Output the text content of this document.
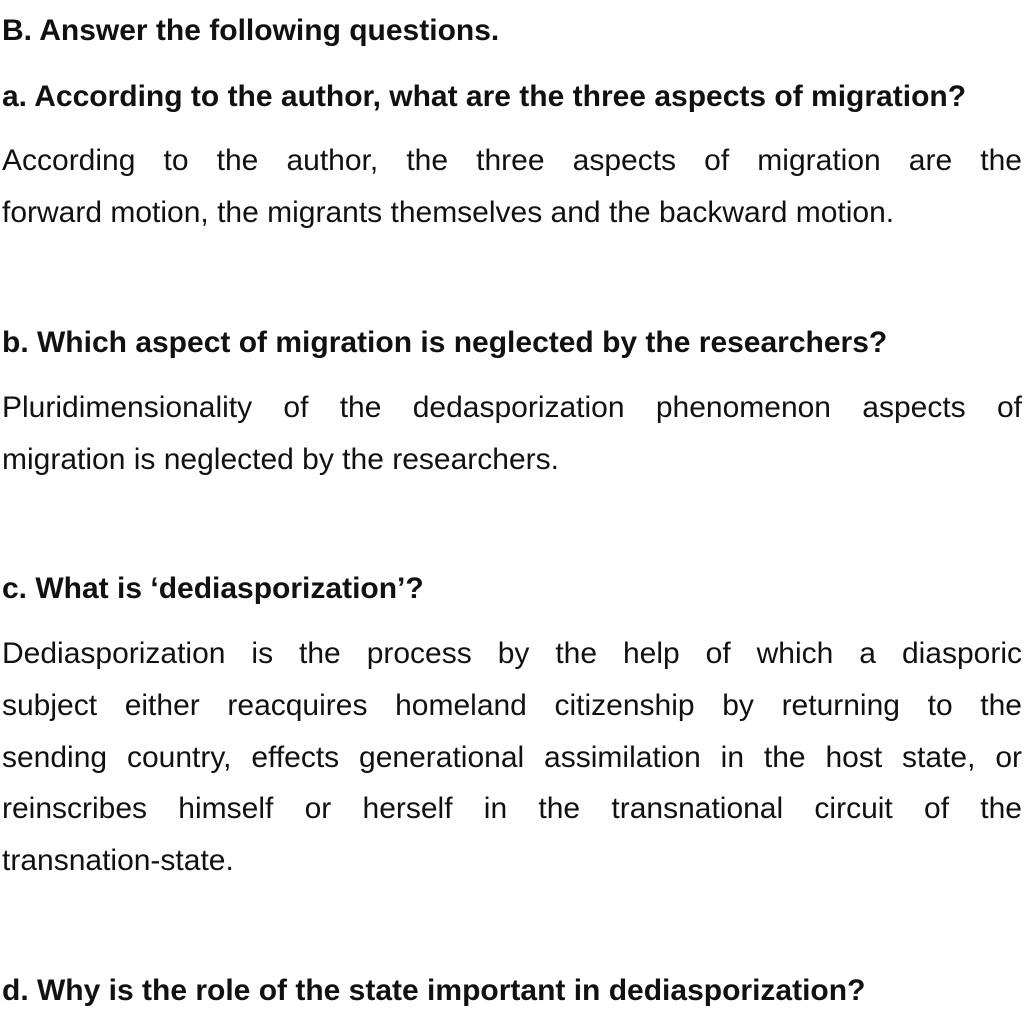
B. Answer the following questions.
a. According to the author, what are the three aspects of migration?
According to the author, the three aspects of migration are the
forward motion, the migrants themselves and the backward motion.
b. Which aspect of migration is neglected by the researchers?
Pluridimensionality of the dedasporization phenomenon aspects of
migration is neglected by the researchers.
c. What is ‘dediasporization’?
Dediasporization is the process by the help of which a diasporic
subject either reacquires homeland citizenship by returning to the
sending country, effects generational assimilation in the host state, or
reinscribes himself or herself in the transnational circuit of the
transnation-state.
d. Why is the role of the state important in dediasporization?
